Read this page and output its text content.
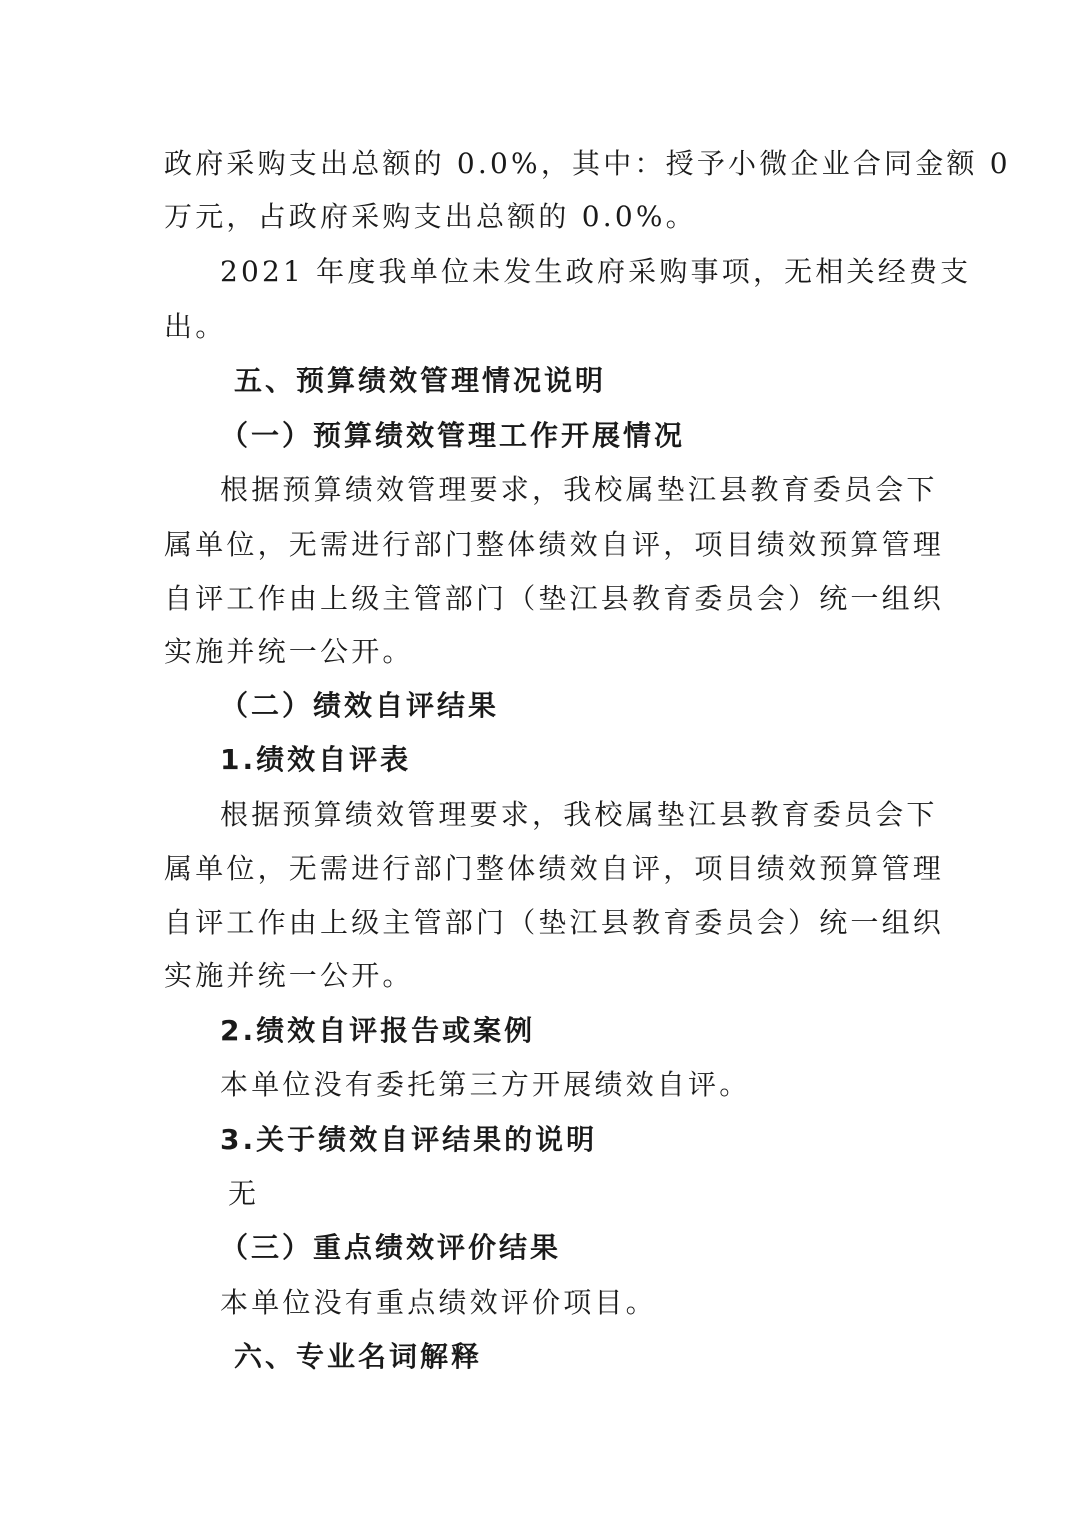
政府采购支出总额的 0.0%，其中：授予小微企业合同金额 0
万元，占政府采购支出总额的 0.0%。
2021 年度我单位未发生政府采购事项，无相关经费支
出。
五、预算绩效管理情况说明
（一）预算绩效管理工作开展情况
根据预算绩效管理要求，我校属垫江县教育委员会下
属单位，无需进行部门整体绩效自评，项目绩效预算管理
自评工作由上级主管部门（垫江县教育委员会）统一组织
实施并统一公开。
（二）绩效自评结果
1.绩效自评表
根据预算绩效管理要求，我校属垫江县教育委员会下
属单位，无需进行部门整体绩效自评，项目绩效预算管理
自评工作由上级主管部门（垫江县教育委员会）统一组织
实施并统一公开。
2.绩效自评报告或案例
本单位没有委托第三方开展绩效自评。
3.关于绩效自评结果的说明
无
（三）重点绩效评价结果
本单位没有重点绩效评价项目。
六、专业名词解释
